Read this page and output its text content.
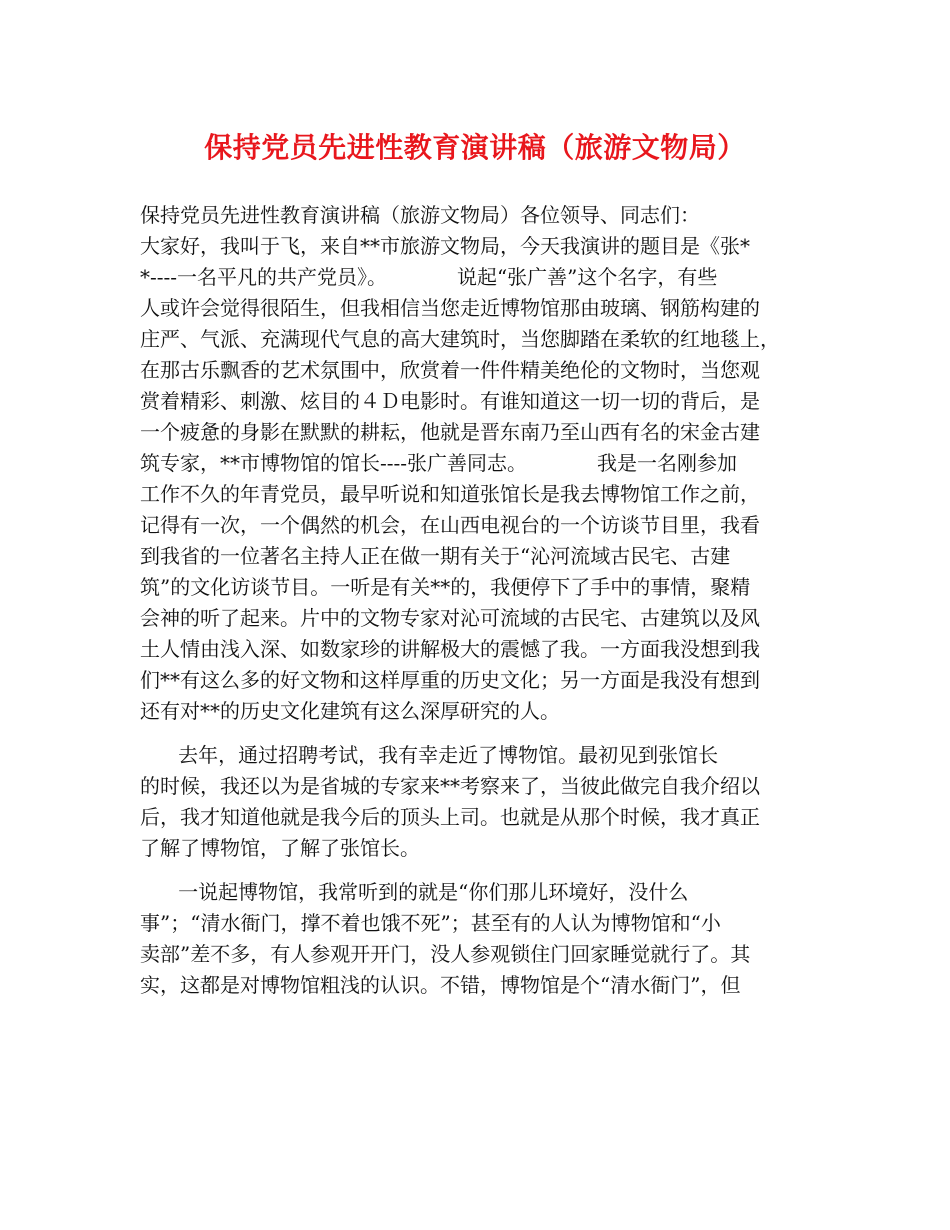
保持党员先进性教育演讲稿（旅游文物局）
保持党员先进性教育演讲稿（旅游文物局）各位领导、同志们：
大家好，我叫于飞，来自**市旅游文物局，今天我演讲的题目是《张*
*----一名平凡的共产党员》。           说起“张广善”这个名字，有些
人或许会觉得很陌生，但我相信当您走近博物馆那由玻璃、钢筋构建的
庄严、气派、充满现代气息的高大建筑时，当您脚踏在柔软的红地毯上，
在那古乐飘香的艺术氛围中，欣赏着一件件精美绝伦的文物时，当您观
赏着精彩、刺激、炫目的４Ｄ电影时。有谁知道这一切一切的背后，是
一个疲惫的身影在默默的耕耘，他就是晋东南乃至山西有名的宋金古建
筑专家，**市博物馆的馆长----张广善同志。           我是一名刚参加
工作不久的年青党员，最早听说和知道张馆长是我去博物馆工作之前，
记得有一次，一个偶然的机会，在山西电视台的一个访谈节目里，我看
到我省的一位著名主持人正在做一期有关于“沁河流域古民宅、古建
筑”的文化访谈节目。一听是有关**的，我便停下了手中的事情，聚精
会神的听了起来。片中的文物专家对沁可流域的古民宅、古建筑以及风
土人情由浅入深、如数家珍的讲解极大的震憾了我。一方面我没想到我
们**有这么多的好文物和这样厚重的历史文化；另一方面是我没有想到
还有对**的历史文化建筑有这么深厚研究的人。
去年，通过招聘考试，我有幸走近了博物馆。最初见到张馆长
的时候，我还以为是省城的专家来**考察来了，当彼此做完自我介绍以
后，我才知道他就是我今后的顶头上司。也就是从那个时候，我才真正
了解了博物馆，了解了张馆长。
一说起博物馆，我常听到的就是“你们那儿环境好，没什么
事”；“清水衙门，撑不着也饿不死”；甚至有的人认为博物馆和“小
卖部”差不多，有人参观开开门，没人参观锁住门回家睡觉就行了。其
实，这都是对博物馆粗浅的认识。不错，博物馆是个“清水衙门”，但
